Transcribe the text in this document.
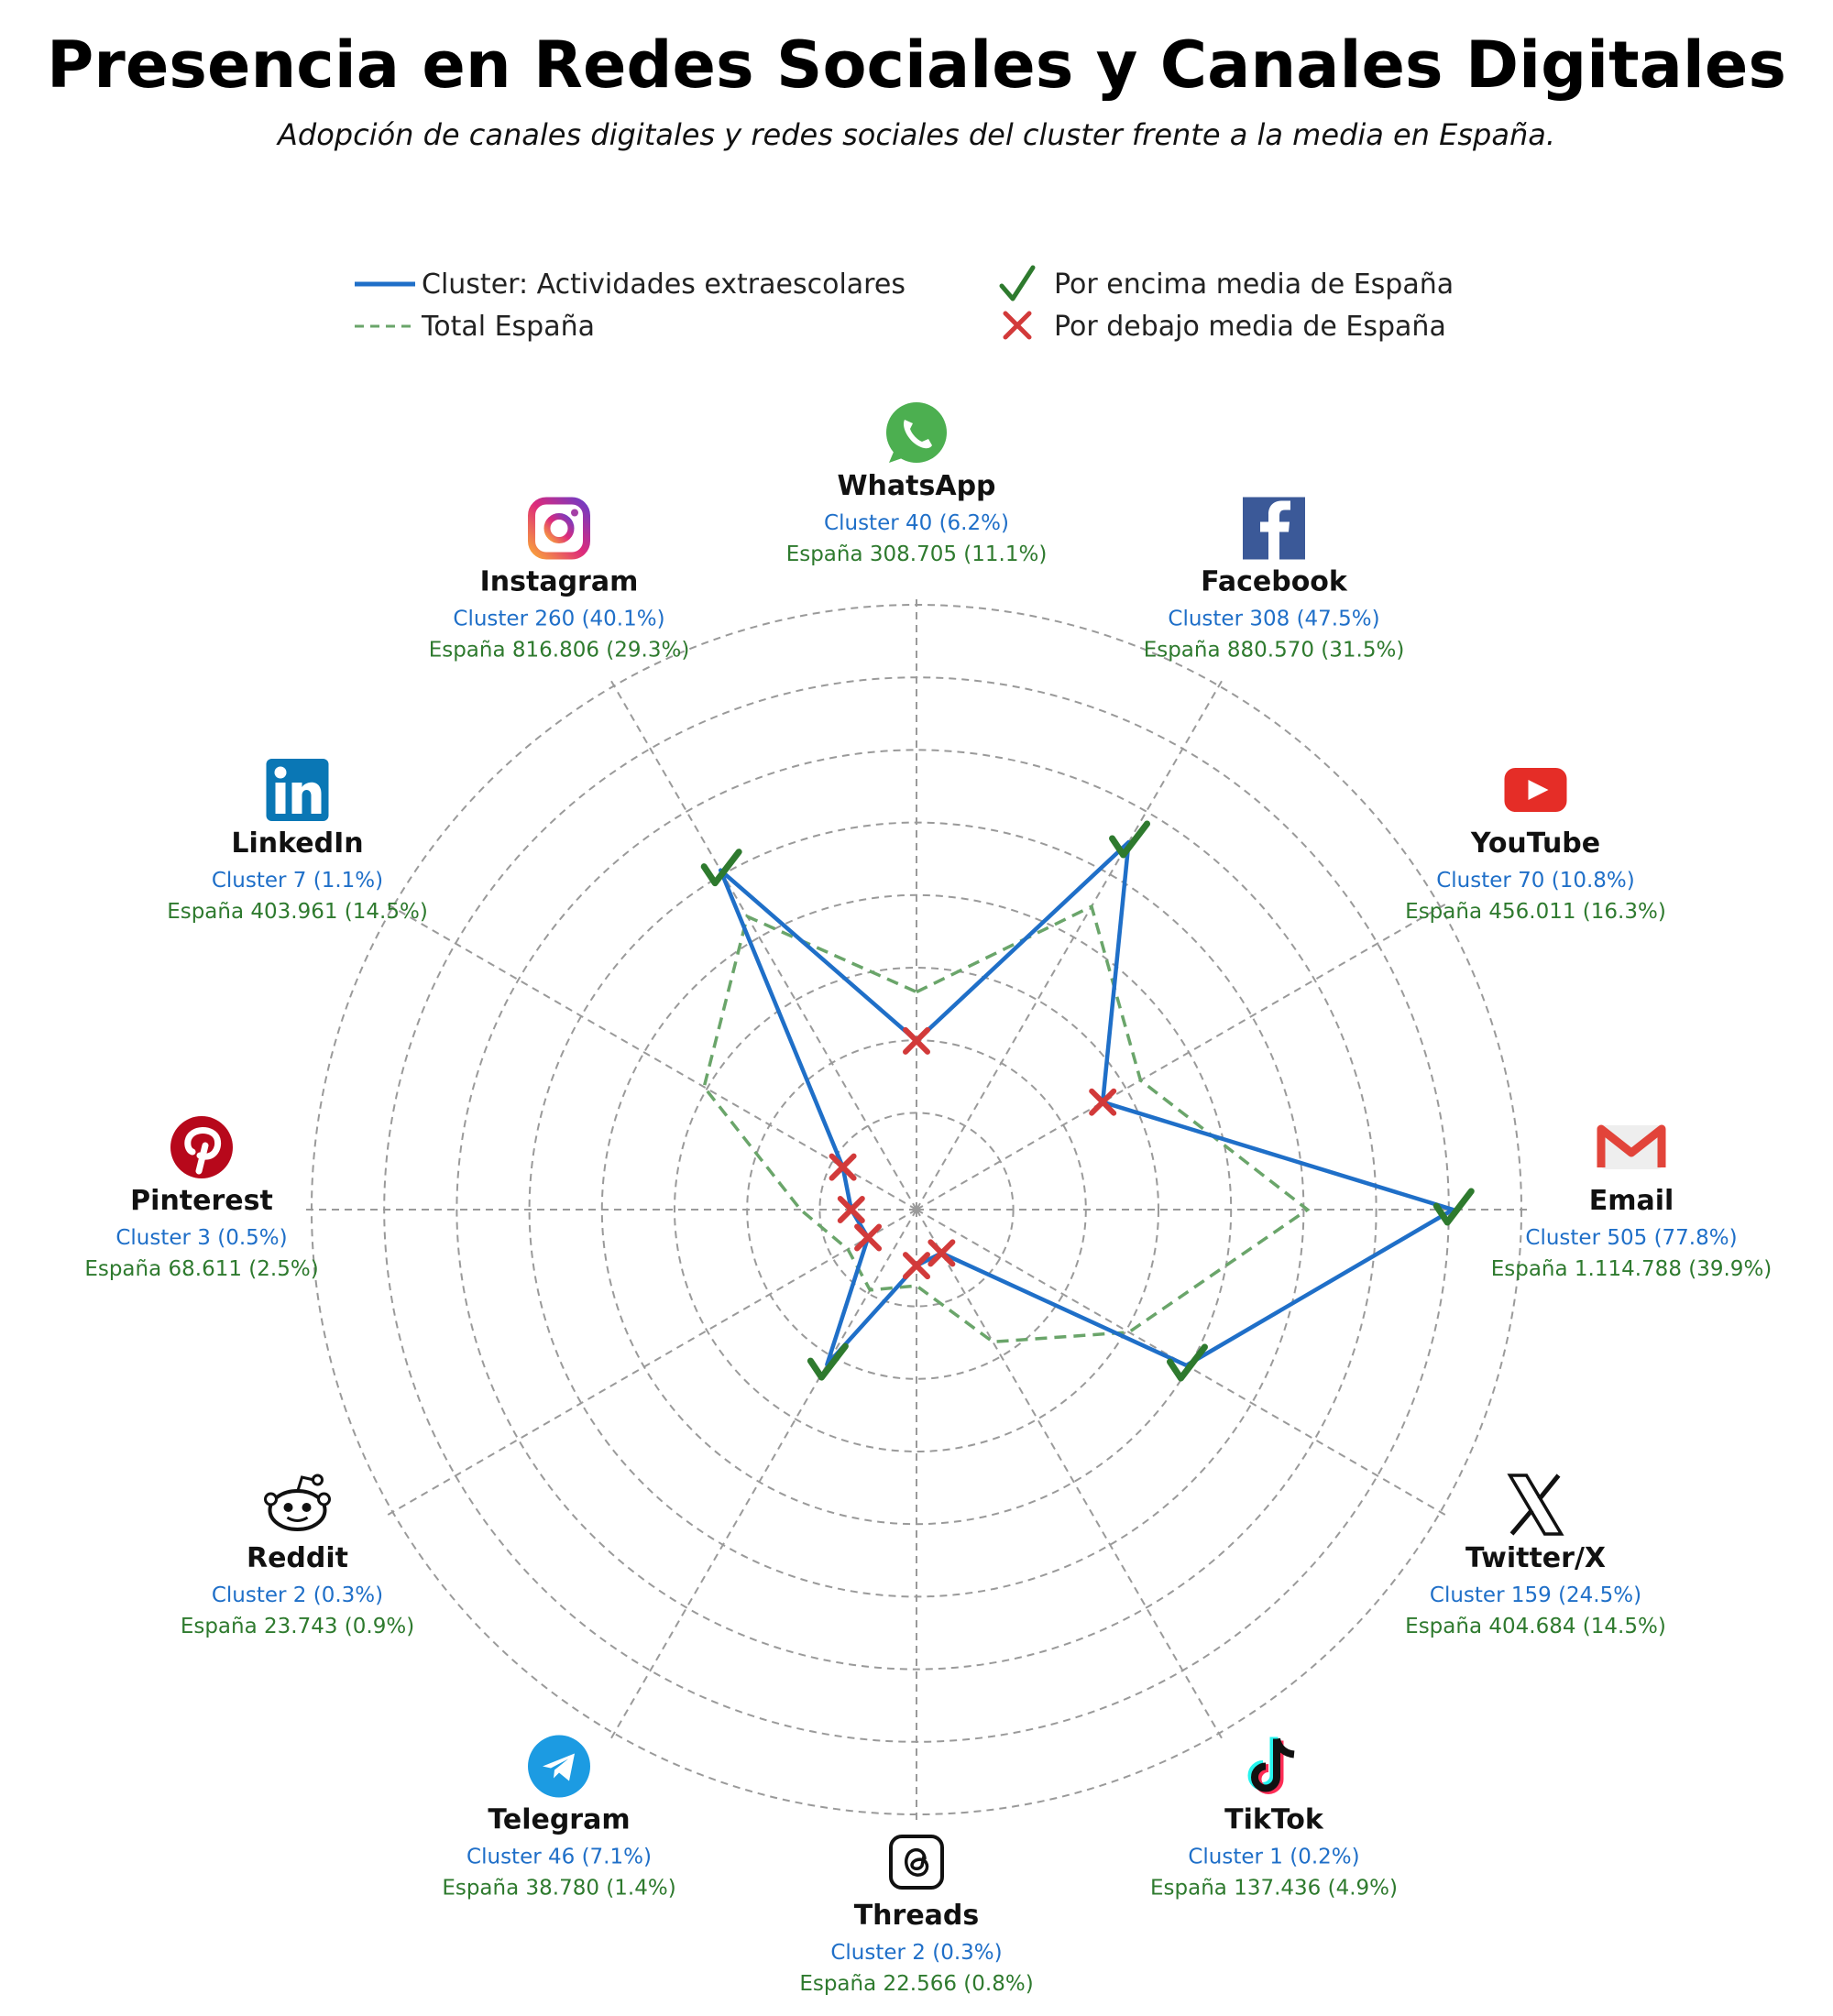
Presencia en Redes Sociales y Canales Digitales

Adopción de canales digitales y redes sociales del cluster frente a la media en España.

Cluster: Actividades extraescolares
Total España
Por encima media de España
Por debajo media de España
WhatsApp
Cluster 40 (6.2%)
España 308.705 (11.1%)
Facebook
Cluster 308 (47.5%)
España 880.570 (31.5%)
YouTube
Cluster 70 (10.8%)
España 456.011 (16.3%)
Email
Cluster 505 (77.8%)
España 1.114.788 (39.9%)
Twitter/X
Cluster 159 (24.5%)
España 404.684 (14.5%)
TikTok
Cluster 1 (0.2%)
España 137.436 (4.9%)
Threads
Cluster 2 (0.3%)
España 22.566 (0.8%)
Telegram
Cluster 46 (7.1%)
España 38.780 (1.4%)
Reddit
Cluster 2 (0.3%)
España 23.743 (0.9%)
Pinterest
Cluster 3 (0.5%)
España 68.611 (2.5%)
LinkedIn
Cluster 7 (1.1%)
España 403.961 (14.5%)
Instagram
Cluster 260 (40.1%)
España 816.806 (29.3%)
